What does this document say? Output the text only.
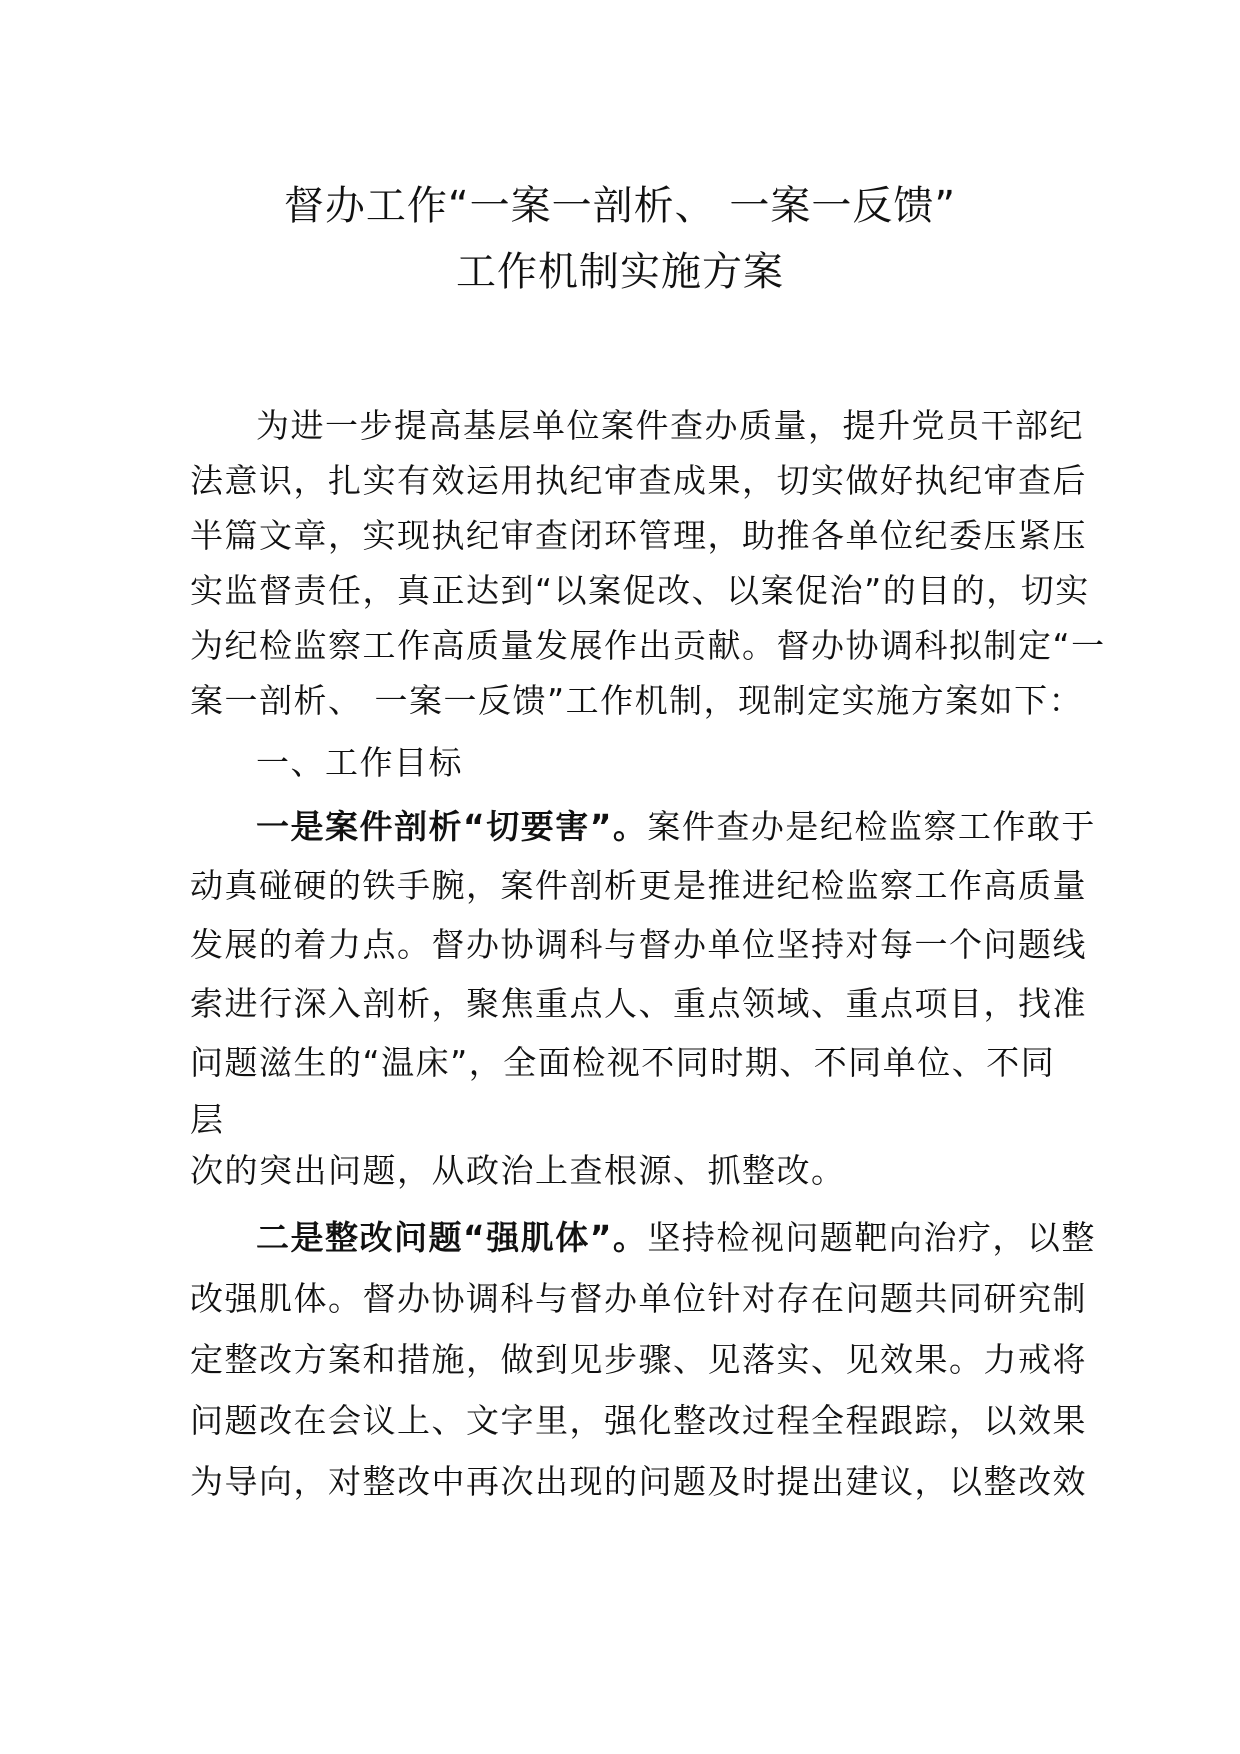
督办工作“一案一剖析、 一案一反馈”
工作机制实施方案
为进一步提高基层单位案件查办质量，提升党员干部纪
法意识，扎实有效运用执纪审查成果，切实做好执纪审查后
半篇文章，实现执纪审查闭环管理，助推各单位纪委压紧压
实监督责任，真正达到“以案促改、以案促治”的目的，切实
为纪检监察工作高质量发展作出贡献。督办协调科拟制定“一
案一剖析、 一案一反馈”工作机制，现制定实施方案如下：
一、工作目标
一是案件剖析“切要害”。案件查办是纪检监察工作敢于
动真碰硬的铁手腕，案件剖析更是推进纪检监察工作高质量
发展的着力点。督办协调科与督办单位坚持对每一个问题线
索进行深入剖析，聚焦重点人、重点领域、重点项目，找准
问题滋生的“温床”，全面检视不同时期、不同单位、不同
层
次的突出问题，从政治上查根源、抓整改。
二是整改问题“强肌体”。坚持检视问题靶向治疗，以整
改强肌体。督办协调科与督办单位针对存在问题共同研究制
定整改方案和措施，做到见步骤、见落实、见效果。力戒将
问题改在会议上、文字里，强化整改过程全程跟踪，以效果
为导向，对整改中再次出现的问题及时提出建议，以整改效
